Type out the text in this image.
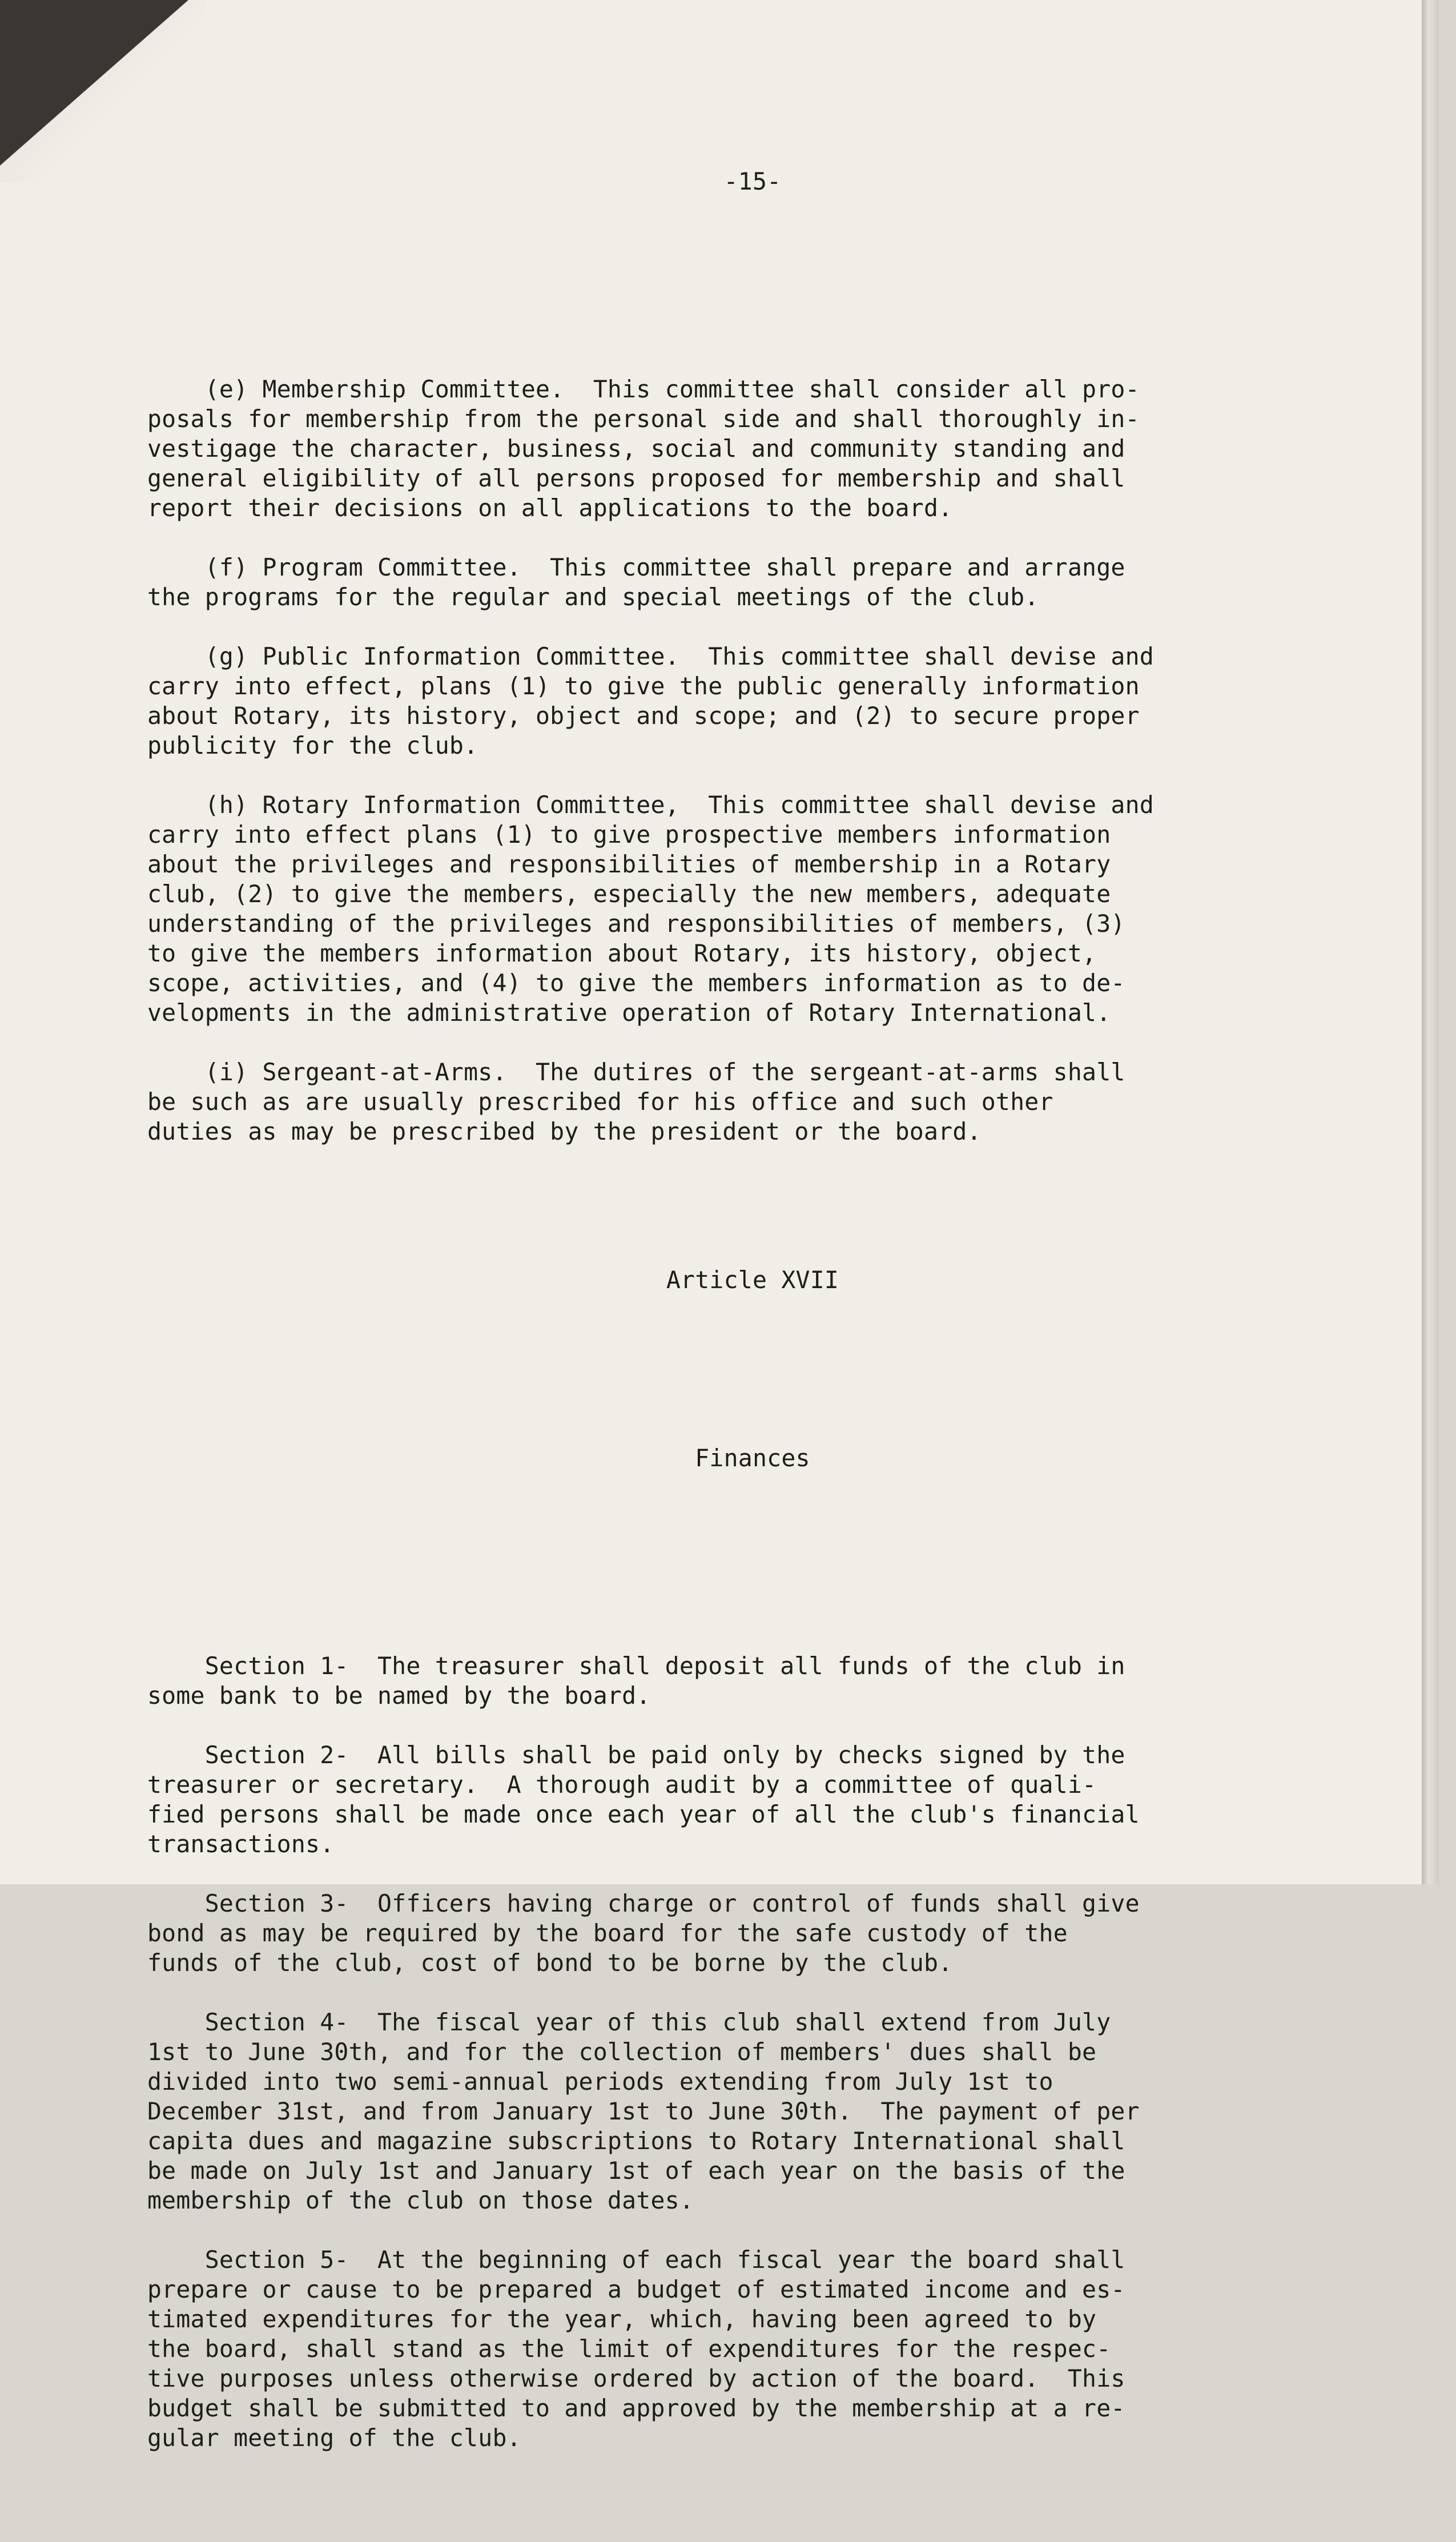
-15-

(e) Membership Committee.  This committee shall consider all pro-
posals for membership from the personal side and shall thoroughly in-
vestigage the character, business, social and community standing and
general eligibility of all persons proposed for membership and shall
report their decisions on all applications to the board.
(f) Program Committee.  This committee shall prepare and arrange
the programs for the regular and special meetings of the club.
(g) Public Information Committee.  This committee shall devise and
carry into effect, plans (1) to give the public generally information
about Rotary, its history, object and scope; and (2) to secure proper
publicity for the club.
(h) Rotary Information Committee,  This committee shall devise and
carry into effect plans (1) to give prospective members information
about the privileges and responsibilities of membership in a Rotary
club, (2) to give the members, especially the new members, adequate
understanding of the privileges and responsibilities of members, (3)
to give the members information about Rotary, its history, object,
scope, activities, and (4) to give the members information as to de-
velopments in the administrative operation of Rotary International.
(i) Sergeant-at-Arms.  The dutires of the sergeant-at-arms shall
be such as are usually prescribed for his office and such other
duties as may be prescribed by the president or the board.

Article XVII

Finances

Section 1-  The treasurer shall deposit all funds of the club in
some bank to be named by the board.
Section 2-  All bills shall be paid only by checks signed by the
treasurer or secretary.  A thorough audit by a committee of quali-
fied persons shall be made once each year of all the club's financial
transactions.
Section 3-  Officers having charge or control of funds shall give
bond as may be required by the board for the safe custody of the
funds of the club, cost of bond to be borne by the club.
Section 4-  The fiscal year of this club shall extend from July
1st to June 30th, and for the collection of members' dues shall be
divided into two semi-annual periods extending from July 1st to
December 31st, and from January 1st to June 30th.  The payment of per
capita dues and magazine subscriptions to Rotary International shall
be made on July 1st and January 1st of each year on the basis of the
membership of the club on those dates.
Section 5-  At the beginning of each fiscal year the board shall
prepare or cause to be prepared a budget of estimated income and es-
timated expenditures for the year, which, having been agreed to by
the board, shall stand as the limit of expenditures for the respec-
tive purposes unless otherwise ordered by action of the board.  This
budget shall be submitted to and approved by the membership at a re-
gular meeting of the club.
